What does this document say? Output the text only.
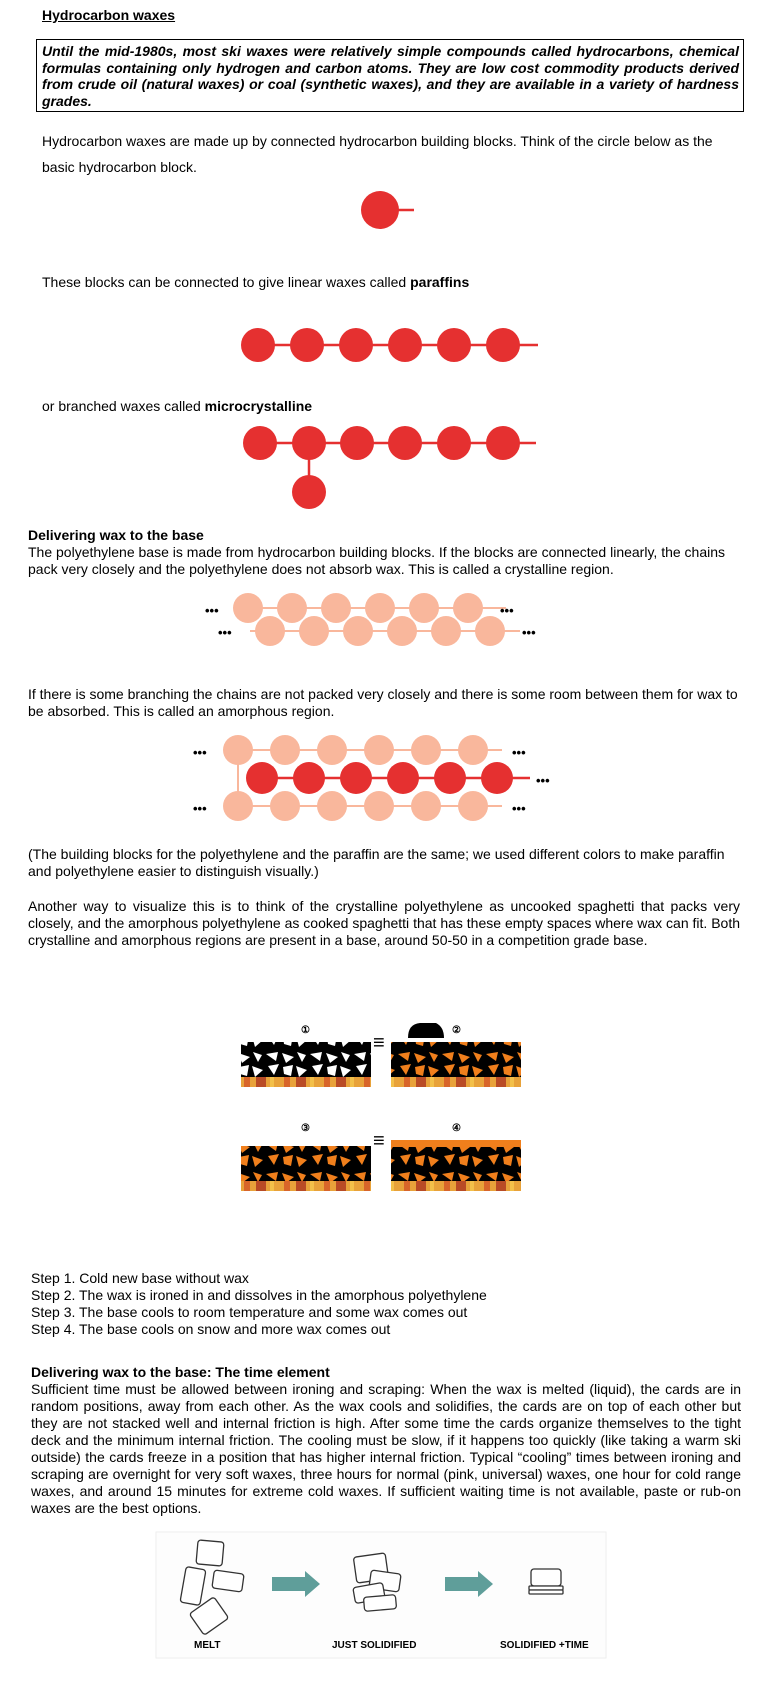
Hydrocarbon waxes
Until the mid-1980s, most ski waxes were relatively simple compounds called hydrocarbons, chemical formulas containing only hydrogen and carbon atoms. They are low cost commodity products derived from crude oil (natural waxes) or coal (synthetic waxes), and they are available in a variety of hardness grades.
Hydrocarbon waxes are made up by connected hydrocarbon building blocks. Think of the circle below as the basic hydrocarbon block.
These blocks can be connected to give linear waxes called paraffins
or branched waxes called microcrystalline
Delivering wax to the base
The polyethylene base is made from hydrocarbon building blocks. If the blocks are connected linearly, the chains pack very closely and the polyethylene does not absorb wax. This is called a crystalline region.
If there is some branching the chains are not packed very closely and there is some room between them for wax to be absorbed. This is called an amorphous region.
(The building blocks for the polyethylene and the paraffin are the same; we used different colors to make paraffin and polyethylene easier to distinguish visually.)
Another way to visualize this is to think of the crystalline polyethylene as uncooked spaghetti that packs very closely, and the amorphous polyethylene as cooked spaghetti that has these empty spaces where wax can fit. Both crystalline and amorphous regions are present in a base, around 50-50 in a competition grade base.
Step 1. Cold new base without wax
Step 2. The wax is ironed in and dissolves in the amorphous polyethylene
Step 3. The base cools to room temperature and some wax comes out
Step 4. The base cools on snow and more wax comes out
Delivering wax to the base: The time element
Sufficient time must be allowed between ironing and scraping: When the wax is melted (liquid), the cards are in random positions, away from each other. As the wax cools and solidifies, the cards are on top of each other but they are not stacked well and internal friction is high. After some time the cards organize themselves to the tight deck and the minimum internal friction. The cooling must be slow, if it happens too quickly (like taking a warm ski outside) the cards freeze in a position that has higher internal friction. Typical “cooling” times between ironing and scraping are overnight for very soft waxes, three hours for normal (pink, universal) waxes, one hour for cold range waxes, and around 15 minutes for extreme cold waxes. If sufficient waiting time is not available, paste or rub-on waxes are the best options.
•••	•••
•••	•••
•••	•••
•••
•••	•••
①	②
③	④
≡
≡
MELT	JUST SOLIDIFIED	SOLIDIFIED +TIME
